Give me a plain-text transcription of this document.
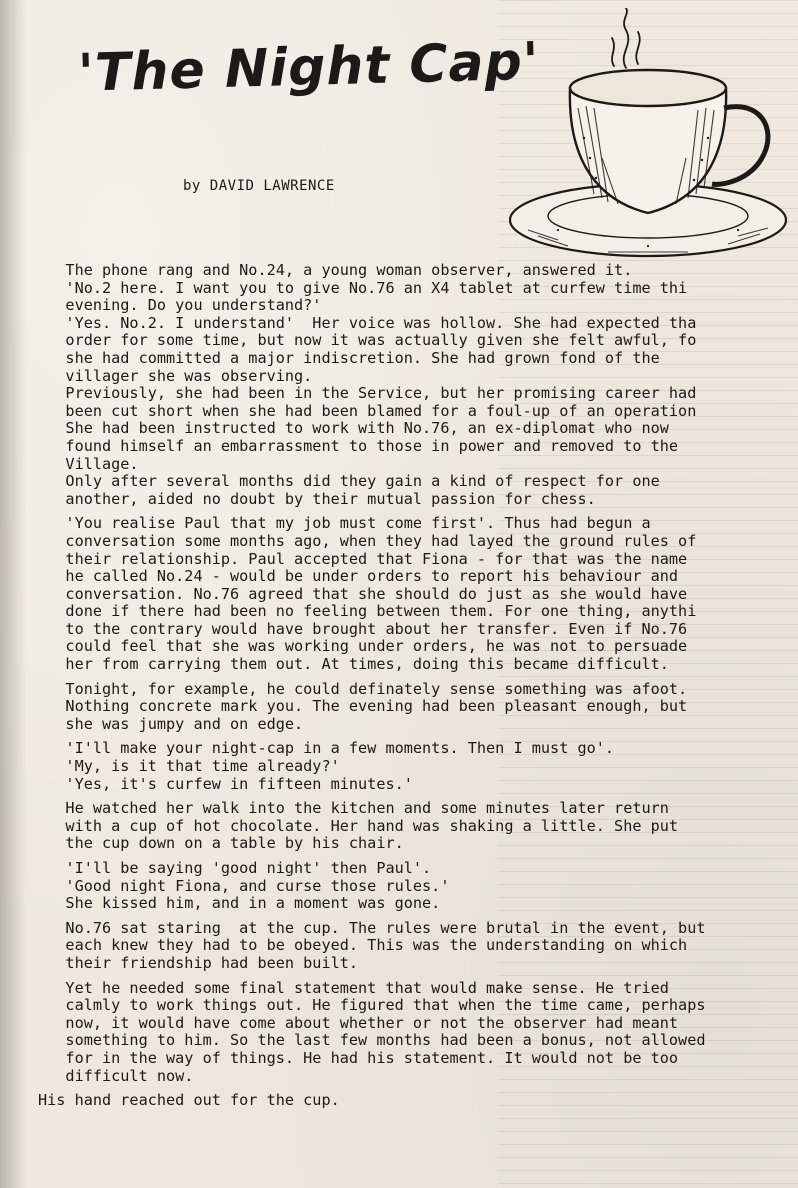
'The Night Cap'
by DAVID LAWRENCE
The phone rang and No.24, a young woman observer, answered it.
'No.2 here. I want you to give No.76 an X4 tablet at curfew time thi
evening. Do you understand?'
'Yes. No.2. I understand'  Her voice was hollow. She had expected tha
order for some time, but now it was actually given she felt awful, fo
she had committed a major indiscretion. She had grown fond of the
villager she was observing.
Previously, she had been in the Service, but her promising career had
been cut short when she had been blamed for a foul-up of an operation
She had been instructed to work with No.76, an ex-diplomat who now
found himself an embarrassment to those in power and removed to the
Village.
Only after several months did they gain a kind of respect for one
another, aided no doubt by their mutual passion for chess.
'You realise Paul that my job must come first'. Thus had begun a
conversation some months ago, when they had layed the ground rules of
their relationship. Paul accepted that Fiona - for that was the name
he called No.24 - would be under orders to report his behaviour and
conversation. No.76 agreed that she should do just as she would have
done if there had been no feeling between them. For one thing, anythi
to the contrary would have brought about her transfer. Even if No.76
could feel that she was working under orders, he was not to persuade
her from carrying them out. At times, doing this became difficult.
Tonight, for example, he could definately sense something was afoot.
Nothing concrete mark you. The evening had been pleasant enough, but
she was jumpy and on edge.
'I'll make your night-cap in a few moments. Then I must go'.
'My, is it that time already?'
'Yes, it's curfew in fifteen minutes.'
He watched her walk into the kitchen and some minutes later return
with a cup of hot chocolate. Her hand was shaking a little. She put
the cup down on a table by his chair.
'I'll be saying 'good night' then Paul'.
'Good night Fiona, and curse those rules.'
She kissed him, and in a moment was gone.
No.76 sat staring  at the cup. The rules were brutal in the event, but
each knew they had to be obeyed. This was the understanding on which
their friendship had been built.
Yet he needed some final statement that would make sense. He tried
calmly to work things out. He figured that when the time came, perhaps
now, it would have come about whether or not the observer had meant
something to him. So the last few months had been a bonus, not allowed
for in the way of things. He had his statement. It would not be too
difficult now.
His hand reached out for the cup.
